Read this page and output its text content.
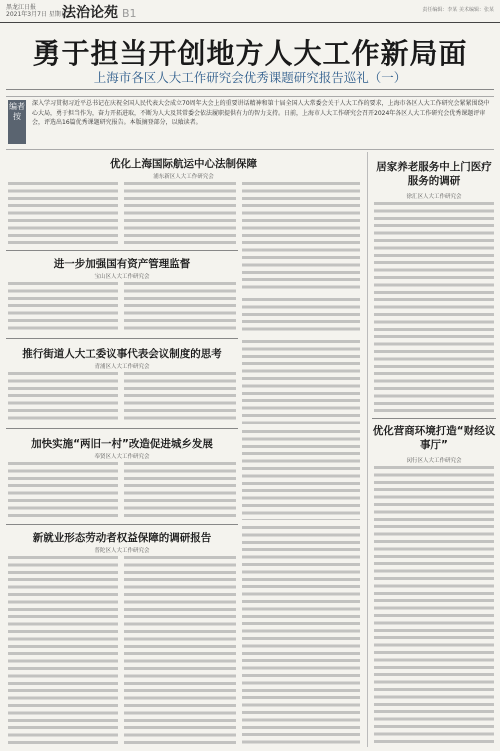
黑龙江日报
2021年3月7日 星期日
法治论苑 B1	责任编辑：李某 美术编辑：张某
勇于担当开创地方人大工作新局面
上海市各区人大工作研究会优秀课题研究报告巡礼（一）
编者按
深入学习贯彻习近平总书记在庆祝全国人民代表大会成立70周年大会上的重要讲话精神和第十届全国人大常委会关于人大工作的要求，上海市各区人大工作研究会紧紧围绕中心大局，勇于担当作为，奋力开拓进取，不断为人大及其常委会依法履职提供有力的智力支持。日前，上海市人大工作研究会召开2024年各区人大工作研究会优秀课题评审会，评选出16篇优秀课题研究报告。本版摘登部分，以飨读者。
优化上海国际航运中心法制保障
浦东新区人大工作研究会
进一步加强国有资产管理监督
宝山区人大工作研究会
推行街道人大工委议事代表会议制度的思考
青浦区人大工作研究会
加快实施“两旧一村”改造促进城乡发展
奉贤区人大工作研究会
新就业形态劳动者权益保障的调研报告
普陀区人大工作研究会
居家养老服务中上门医疗服务的调研
徐汇区人大工作研究会
优化营商环境打造“财经议事厅”
闵行区人大工作研究会
